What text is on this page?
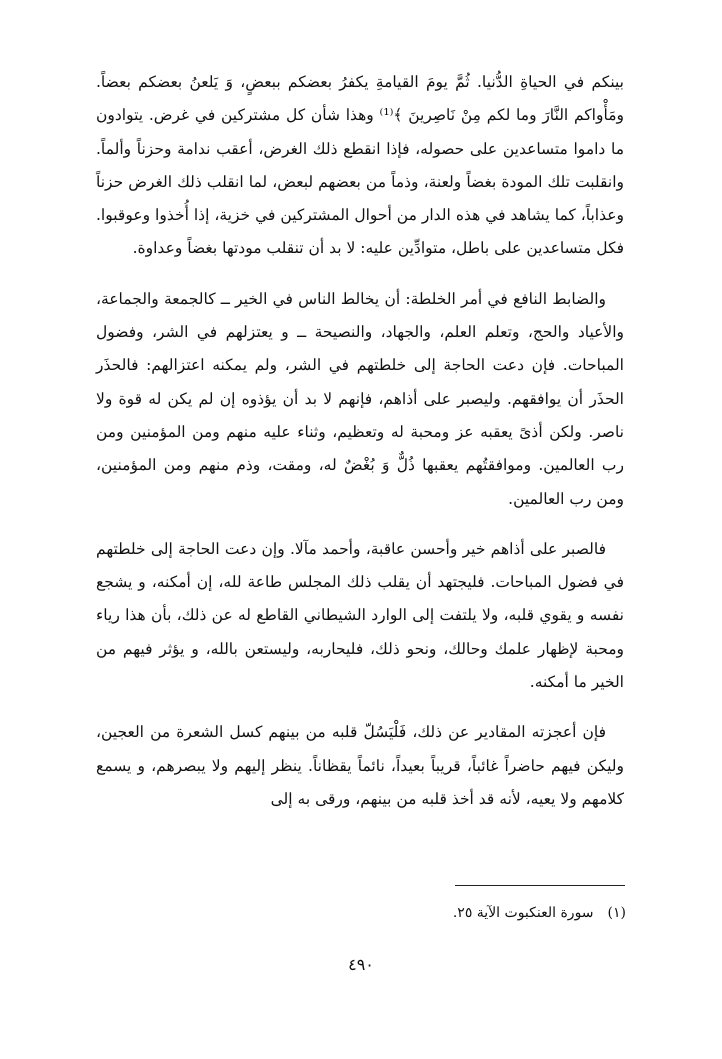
بينكم في الحياةِ الدُّنيا. ثُمَّ يومَ القيامةِ يكفرُ بعضكم ببعضٍ، وَ يَلعنُ بعضكم بعضاً. ومَأْواكم النَّارَ وما لكم مِنْ نَاصِرينَ ﴾⁽¹⁾ وهذا شأن كل مشتركين في غرض. يتوادون ما داموا متساعدين على حصوله، فإذا انقطع ذلك الغرض، أعقب ندامة وحزناً وألماً. وانقلبت تلك المودة بغضاً ولعنة، وذماً من بعضهم لبعض، لما انقلب ذلك الغرض حزناً وعذاباً، كما يشاهد في هذه الدار من أحوال المشتركين في خزية، إذا أُخذوا وعوقبوا. فكل متساعدين على باطل، متوادِّين عليه: لا بد أن تنقلب مودتها بغضاً وعداوة.

والضابط النافع في أمر الخلطة: أن يخالط الناس في الخير ــ كالجمعة والجماعة، والأعياد والحج، وتعلم العلم، والجهاد، والنصيحة ــ و يعتزلهم في الشر، وفضول المباحات. فإن دعت الحاجة إلى خلطتهم في الشر، ولم يمكنه اعتزالهم: فالحذَر الحذَر أن يوافقهم. وليصبر على أذاهم، فإنهم لا بد أن يؤذوه إن لم يكن له قوة ولا ناصر. ولكن أذىً يعقبه عز ومحبة له وتعظيم، وثناء عليه منهم ومن المؤمنين ومن رب العالمين. وموافقتُهم يعقبها ذُلٌّ وَ بُغْضٌ له، ومقت، وذم منهم ومن المؤمنين، ومن رب العالمين.

فالصبر على أذاهم خير وأحسن عاقبة، وأحمد مآلا. وإن دعت الحاجة إلى خلطتهم في فضول المباحات. فليجتهد أن يقلب ذلك المجلس طاعة لله، إن أمكنه، و يشجع نفسه و يقوي قلبه، ولا يلتفت إلى الوارد الشيطاني القاطع له عن ذلك، بأن هذا رياء ومحبة لإظهار علمك وحالك، ونحو ذلك، فليحاربه، وليستعن بالله، و يؤثر فيهم من الخير ما أمكنه.

فإن أعجزته المقادير عن ذلك، فَلْيَسُلّ قلبه من بينهم كسل الشعرة من العجين، وليكن فيهم حاضراً غائباً، قريباً بعيداً، نائماً يقظاناً. ينظر إليهم ولا يبصرهم، و يسمع كلامهم ولا يعيه، لأنه قد أخذ قلبه من بينهم، ورقى به إلى

(١)سورة العنكبوت الآية ٢٥.
٤٩٠
